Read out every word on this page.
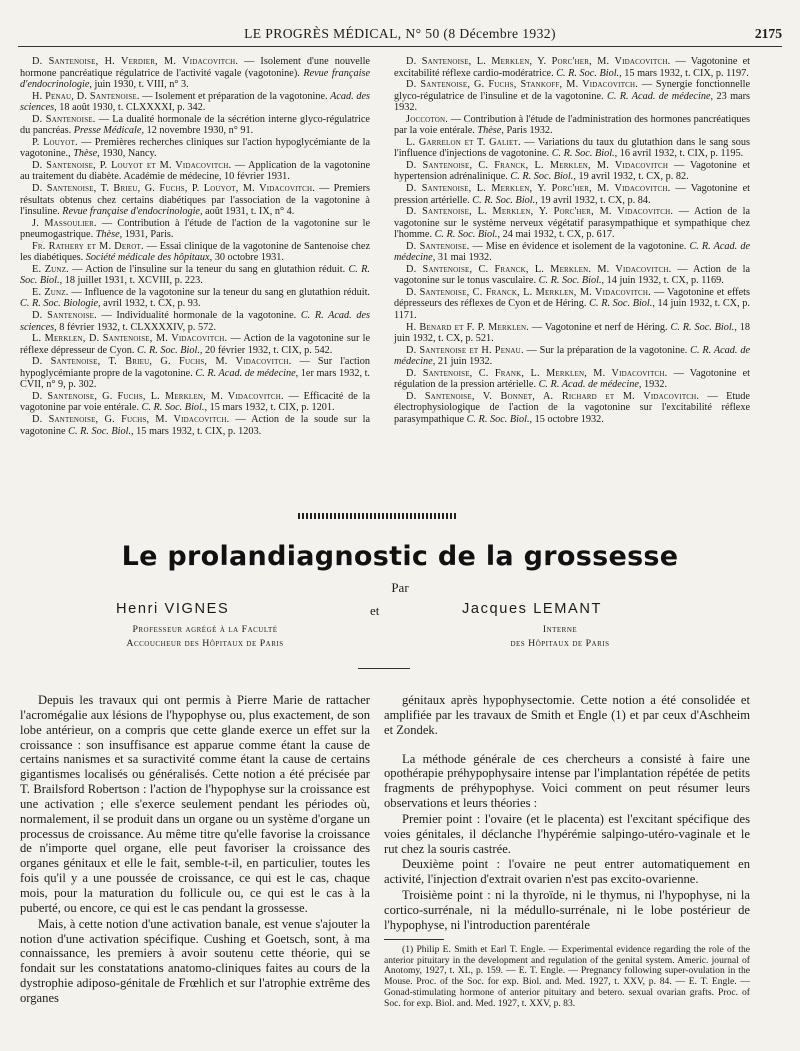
LE PROGRÈS MÉDICAL, N° 50 (8 Décembre 1932)	2175

D. Santenoise, H. Verdier, M. Vidacovitch. — Isolement d'une nouvelle hormone pancréatique régulatrice de l'activité vagale (vagotonine). Revue française d'endocrinologie, juin 1930, t. VIII, n° 3.

H. Penau, D. Santenoise. — Isolement et préparation de la vagotonine. Acad. des sciences, 18 août 1930, t. CLXXXXI, p. 342.

D. Santenoise. — La dualité hormonale de la sécrétion interne glyco-régulatrice du pancréas. Presse Médicale, 12 novembre 1930, n° 91.

P. Louyot. — Premières recherches cliniques sur l'action hypoglycémiante de la vagotonine., Thèse, 1930, Nancy.

D. Santenoise, P. Louyot et M. Vidacovitch. — Application de la vagotonine au traitement du diabète. Académie de médecine, 10 février 1931.

D. Santenoise, T. Brieu, G. Fuchs, P. Louyot, M. Vidacovitch. — Premiers résultats obtenus chez certains diabétiques par l'association de la vagotonine à l'insuline. Revue française d'endocrinologie, août 1931, t. IX, n° 4.

J. Massoulier. — Contribution à l'étude de l'action de la vagotonine sur le pneumogastrique. Thèse, 1931, Paris.

Fr. Rathery et M. Derot. — Essai clinique de la vagotonine de Santenoise chez les diabétiques. Société médicale des hôpitaux, 30 octobre 1931.

E. Zunz. — Action de l'insuline sur la teneur du sang en glutathion réduit. C. R. Soc. Biol., 18 juillet 1931, t. XCVIII, p. 223.

E. Zunz. — Influence de la vagotonine sur la teneur du sang en glutathion réduit. C. R. Soc. Biologie, avril 1932, t. CX, p. 93.

D. Santenoise. — Individualité hormonale de la vagotonine. C. R. Acad. des sciences, 8 février 1932, t. CLXXXXIV, p. 572.

L. Merklen, D. Santenoise, M. Vidacovitch. — Action de la vagotonine sur le réflexe dépresseur de Cyon. C. R. Soc. Biol., 20 février 1932, t. CIX, p. 542.

D. Santenoise, T. Brieu, G. Fuchs, M. Vidacovitch. — Sur l'action hypoglycémiante propre de la vagotonine. C. R. Acad. de médecine, 1er mars 1932, t. CVII, n° 9, p. 302.

D. Santenoise, G. Fuchs, L. Merklen, M. Vidacovitch. — Efficacité de la vagotonine par voie entérale. C. R. Soc. Biol., 15 mars 1932, t. CIX, p. 1201.

D. Santenoise, G. Fuchs, M. Vidacovitch. — Action de la soude sur la vagotonine C. R. Soc. Biol., 15 mars 1932, t. CIX, p. 1203.

D. Santenoise, L. Merklen, Y. Porc'her, M. Vidacovitch. — Vagotonine et excitabilité réflexe cardio-modératrice. C. R. Soc. Biol., 15 mars 1932, t. CIX, p. 1197.

D. Santenoise, G. Fuchs, Stankoff, M. Vidacovitch. — Synergie fonctionnelle glyco-régulatrice de l'insuline et de la vagotonine. C. R. Acad. de médecine, 23 mars 1932.

Joccoton. — Contribution à l'étude de l'administration des hormones pancréatiques par la voie entérale. Thèse, Paris 1932.

L. Garrelon et T. Galiet. — Variations du taux du glutathion dans le sang sous l'influence d'injections de vagotonine. C. R. Soc. Biol., 16 avril 1932, t. CIX, p. 1195.

D. Santenoise, C. Franck, L. Merklen, M. Vidacovitch — Vagotonine et hypertension adrénalinique. C. R. Soc. Biol., 19 avril 1932, t. CX, p. 82.

D. Santenoise, L. Merklen, Y. Porc'her, M. Vidacovitch. — Vagotonine et pression artérielle. C. R. Soc. Biol., 19 avril 1932, t. CX, p. 84.

D. Santenoise, L. Merklen, Y. Porc'her, M. Vidacovitch. — Action de la vagotonine sur le système nerveux végétatif parasympathique et sympathique chez l'homme. C. R. Soc. Biol., 24 mai 1932, t. CX, p. 617.

D. Santenoise. — Mise en évidence et isolement de la vagotonine. C. R. Acad. de médecine, 31 mai 1932.

D. Santenoise, C. Franck, L. Merklen. M. Vidacovitch. — Action de la vagotonine sur le tonus vasculaire. C. R. Soc. Biol., 14 juin 1932, t. CX, p. 1169.

D. Santenoise, C. Franck, L. Merklen, M. Vidacovitch. — Vagotonine et effets dépresseurs des réflexes de Cyon et de Héring. C. R. Soc. Biol., 14 juin 1932, t. CX, p. 1171.

H. Benard et F. P. Merklen. — Vagotonine et nerf de Héring. C. R. Soc. Biol., 18 juin 1932, t. CX, p. 521.

D. Santenoise et H. Penau. — Sur la préparation de la vagotonine. C. R. Acad. de médecine, 21 juin 1932.

D. Santenoise, C. Frank, L. Merklen, M. Vidacovitch. — Vagotonine et régulation de la pression artérielle. C. R. Acad. de médecine, 1932.

D. Santenoise, V. Bonnet, A. Richard et M. Vidacovitch. — Etude électrophysiologique de l'action de la vagotonine sur l'excitabilité réflexe parasympathique C. R. Soc. Biol., 15 octobre 1932.

Le prolandiagnostic de la grossesse
Par
Henri VIGNES	et	Jacques LEMANT
Professeur agrégé à la Faculté
Accoucheur des Hôpitaux de Paris
Interne
des Hôpitaux de Paris

Depuis les travaux qui ont permis à Pierre Marie de rattacher l'acromégalie aux lésions de l'hypophyse ou, plus exactement, de son lobe antérieur, on a compris que cette glande exerce un effet sur la croissance : son insuffisance est apparue comme étant la cause de certains nanismes et sa suractivité comme étant la cause de certains gigantismes localisés ou généralisés. Cette notion a été précisée par T. Brailsford Robertson : l'action de l'hypophyse sur la croissance est une activation ; elle s'exerce seulement pendant les périodes où, normalement, il se produit dans un organe ou un système d'organe un processus de croissance. Au même titre qu'elle favorise la croissance de n'importe quel organe, elle peut favoriser la croissance des organes génitaux et elle le fait, semble-t-il, en particulier, toutes les fois qu'il y a une poussée de croissance, ce qui est le cas, chaque mois, pour la maturation du follicule ou, ce qui est le cas à la puberté, ou encore, ce qui est le cas pendant la grossesse.

Mais, à cette notion d'une activation banale, est venue s'ajouter la notion d'une activation spécifique. Cushing et Goetsch, sont, à ma connaissance, les premiers à avoir soutenu cette théorie, qui se fondait sur les constatations anatomo-cliniques faites au cours de la dystrophie adiposo-génitale de Frœhlich et sur l'atrophie extrême des organes

génitaux après hypophysectomie. Cette notion a été consolidée et amplifiée par les travaux de Smith et Engle (1) et par ceux d'Aschheim et Zondek.

La méthode générale de ces chercheurs a consisté à faire une opothérapie préhypophysaire intense par l'implantation répétée de petits fragments de préhypophyse. Voici comment on peut résumer leurs observations et leurs théories :

Premier point : l'ovaire (et le placenta) est l'excitant spécifique des voies génitales, il déclanche l'hypérémie salpingo-utéro-vaginale et le rut chez la souris castrée.

Deuxième point : l'ovaire ne peut entrer automatiquement en activité, l'injection d'extrait ovarien n'est pas excito-ovarienne.

Troisième point : ni la thyroïde, ni le thymus, ni l'hypophyse, ni la cortico-surrénale, ni la médullo-surrénale, ni le lobe postérieur de l'hypophyse, ni l'introduction parentérale

(1) Philip E. Smith et Earl T. Engle. — Experimental evidence regarding the role of the anterior pituitary in the development and regulation of the genital system. Americ. journal of Anotomy, 1927, t. XL, p. 159. — E. T. Engle. — Pregnancy following super-ovulation in the Mouse. Proc. of the Soc. for exp. Biol. and. Med. 1927, t. XXV, p. 84. — E. T. Engle. — Gonad-stimulating hormone of anterior pituitary and betero. sexual ovarian grafts. Proc. of Soc. for exp. Biol. and. Med. 1927, t. XXV, p. 83.
